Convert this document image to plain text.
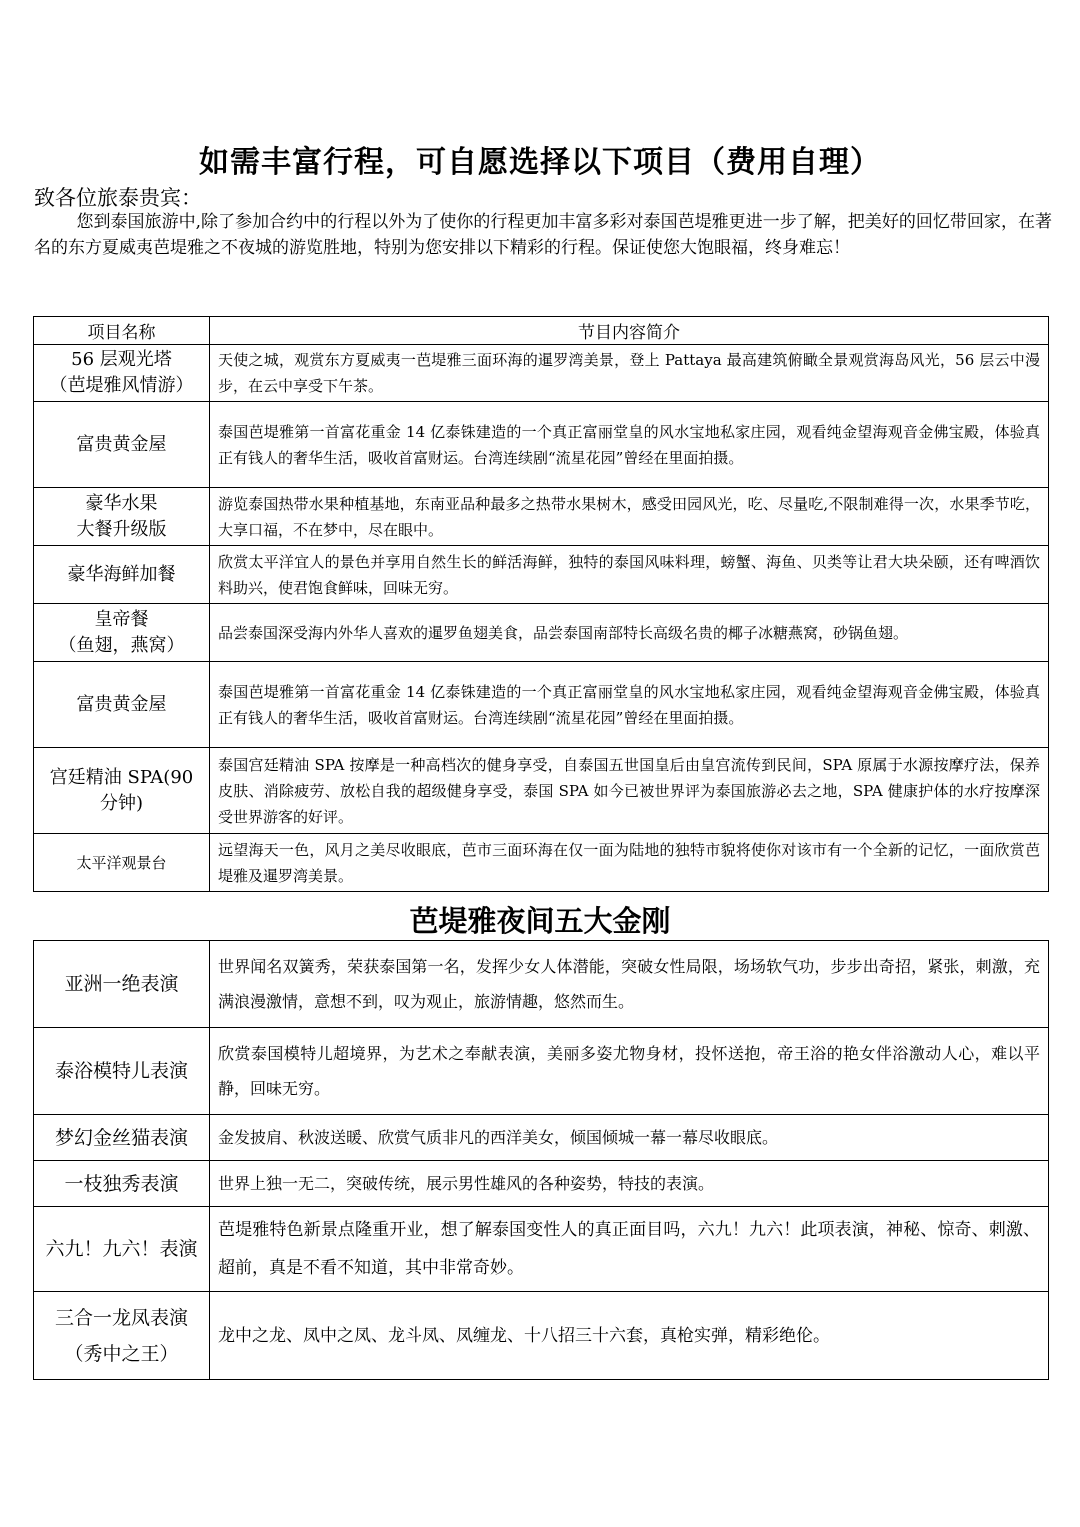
如需丰富行程，可自愿选择以下项目（费用自理）
致各位旅泰贵宾：
您到泰国旅游中,除了参加合约中的行程以外为了使你的行程更加丰富多彩对泰国芭堤雅更进一步了解，把美好的回忆带回家，在著名的东方夏威夷芭堤雅之不夜城的游览胜地，特别为您安排以下精彩的行程。保证使您大饱眼福，终身难忘！
项目名称	节目内容简介
56 层观光塔
（芭堤雅风情游）	天使之城，观赏东方夏威夷一芭堤雅三面环海的暹罗湾美景，登上 Pattaya 最高建筑俯瞰全景观赏海岛风光，56 层云中漫步，在云中享受下午茶。
富贵黄金屋	泰国芭堤雅第一首富花重金 14 亿泰铢建造的一个真正富丽堂皇的风水宝地私家庄园，观看纯金望海观音金佛宝殿，体验真正有钱人的奢华生活，吸收首富财运。台湾连续剧“流星花园”曾经在里面拍摄。
豪华水果
大餐升级版	游览泰国热带水果种植基地，东南亚品种最多之热带水果树木，感受田园风光，吃、尽量吃,不限制难得一次，水果季节吃，大享口福，不在梦中，尽在眼中。
豪华海鲜加餐	欣赏太平洋宜人的景色并享用自然生长的鲜活海鲜，独特的泰国风味料理，螃蟹、海鱼、贝类等让君大块朵颐，还有啤酒饮料助兴，使君饱食鲜味，回味无穷。
皇帝餐
（鱼翅，燕窝）	品尝泰国深受海内外华人喜欢的暹罗鱼翅美食，品尝泰国南部特长高级名贵的椰子冰糖燕窝，砂锅鱼翅。
富贵黄金屋	泰国芭堤雅第一首富花重金 14 亿泰铢建造的一个真正富丽堂皇的风水宝地私家庄园，观看纯金望海观音金佛宝殿，体验真正有钱人的奢华生活，吸收首富财运。台湾连续剧“流星花园”曾经在里面拍摄。
宫廷精油 SPA(90
分钟)	泰国宫廷精油 SPA 按摩是一种高档次的健身享受，自泰国五世国皇后由皇宫流传到民间，SPA 原属于水源按摩疗法，保养皮肤、消除疲劳、放松自我的超级健身享受，泰国 SPA 如今已被世界评为泰国旅游必去之地，SPA 健康护体的水疗按摩深受世界游客的好评。
太平洋观景台	远望海天一色，风月之美尽收眼底，芭市三面环海在仅一面为陆地的独特市貌将使你对该市有一个全新的记忆，一面欣赏芭堤雅及暹罗湾美景。
芭堤雅夜间五大金刚
亚洲一绝表演	世界闻名双簧秀，荣获泰国第一名，发挥少女人体潜能，突破女性局限，场场软气功，步步出奇招，紧张，刺激，充满浪漫激情，意想不到，叹为观止，旅游情趣，悠然而生。
泰浴模特儿表演	欣赏泰国模特儿超境界，为艺术之奉献表演，美丽多姿尤物身材，投怀送抱，帝王浴的艳女伴浴激动人心，难以平静，回味无穷。
梦幻金丝猫表演	金发披肩、秋波送暖、欣赏气质非凡的西洋美女，倾国倾城一幕一幕尽收眼底。
一枝独秀表演	世界上独一无二，突破传统，展示男性雄风的各种姿势，特技的表演。
六九！九六！表演	芭堤雅特色新景点隆重开业，想了解泰国变性人的真正面目吗，六九！九六！此项表演，神秘、惊奇、刺激、超前，真是不看不知道，其中非常奇妙。
三合一龙凤表演
（秀中之王）	龙中之龙、凤中之凤、龙斗凤、凤缠龙、十八招三十六套，真枪实弹，精彩绝伦。
